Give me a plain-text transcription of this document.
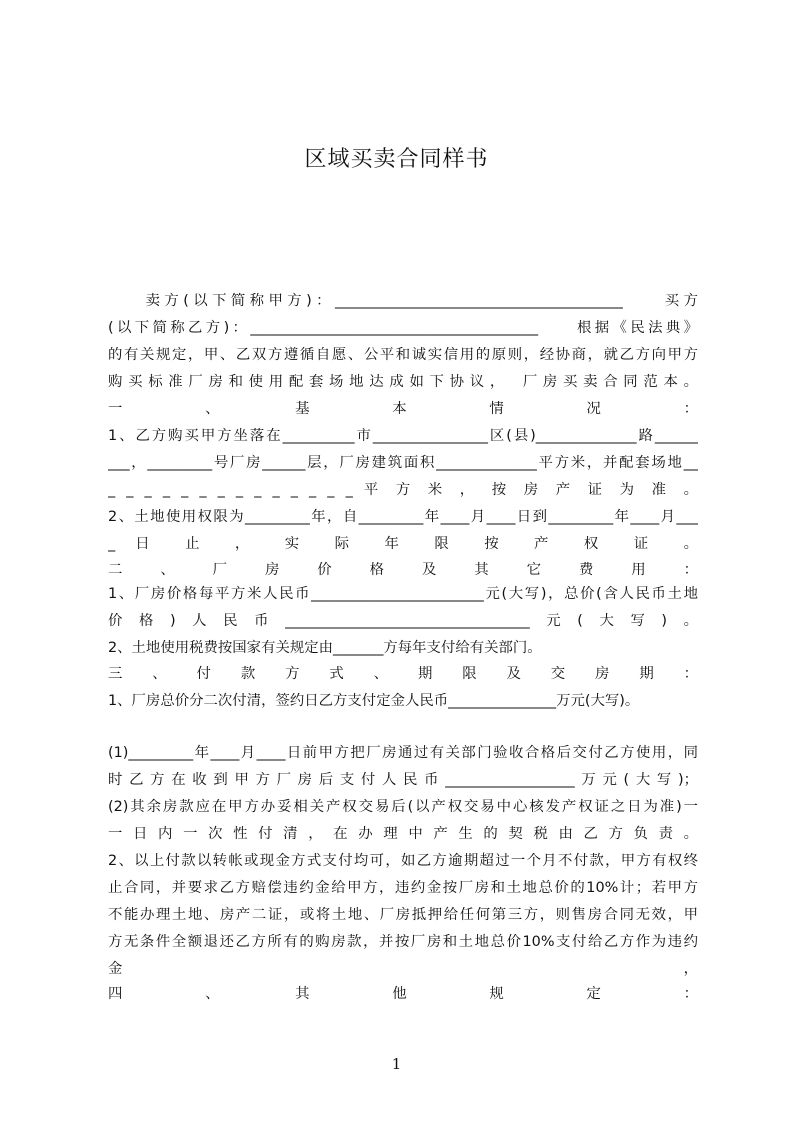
区域买卖合同样书
　　卖方(以下简称甲方)：________________________________________　　买方
(以下简称乙方)：________________________________________　　根据《民法典》
的有关规定，甲、乙双方遵循自愿、公平和诚实信用的原则，经协商，就乙方向甲方
购买标准厂房和使用配套场地达成如下协议，　厂房买卖合同范本。
一　、　基　本　情　况　：
1、乙方购买甲方坐落在__________市________________区(县)______________路______
___，_________号厂房______层，厂房建筑面积______________平方米，并配套场地__
_ _ _ _ _ _ _ _ _ _ _ _ _ _ 平 方 米 ， 按 房 产 证 为 准 。
2、土地使用权限为_________年，自_________年____月____日到_________年____月___
_ 日 止 ， 实 际 年 限 按 产 权 证 。
二 、 厂 房 价 格 及 其 它 费 用 ：
1、厂房价格每平方米人民币________________________元(大写)，总价(含人民币土地
价格)人民币__________________________________元(大写)。
2、土地使用税费按国家有关规定由_______方每年支付给有关部门。
三 、 付 款 方 式 、 期 限 及 交 房 期 ：
1、厂房总价分二次付清，签约日乙方支付定金人民币_______________万元(大写)。
(1)_________年____月____日前甲方把厂房通过有关部门验收合格后交付乙方使用，同
时乙方在收到甲方厂房后支付人民币__________________万元(大写)；
(2)其余房款应在甲方办妥相关产权交易后(以产权交易中心核发产权证之日为准)一
一 日 内 一 次 性 付 清 ， 在 办 理 中 产 生 的 契 税 由 乙 方 负 责 。
2、以上付款以转帐或现金方式支付均可，如乙方逾期超过一个月不付款，甲方有权终
止合同，并要求乙方赔偿违约金给甲方，违约金按厂房和土地总价的10%计；若甲方
不能办理土地、房产二证，或将土地、厂房抵押给任何第三方，则售房合同无效，甲
方无条件全额退还乙方所有的购房款，并按厂房和土地总价10%支付给乙方作为违约
金　，
四　、　其　他　规　定　：
1
